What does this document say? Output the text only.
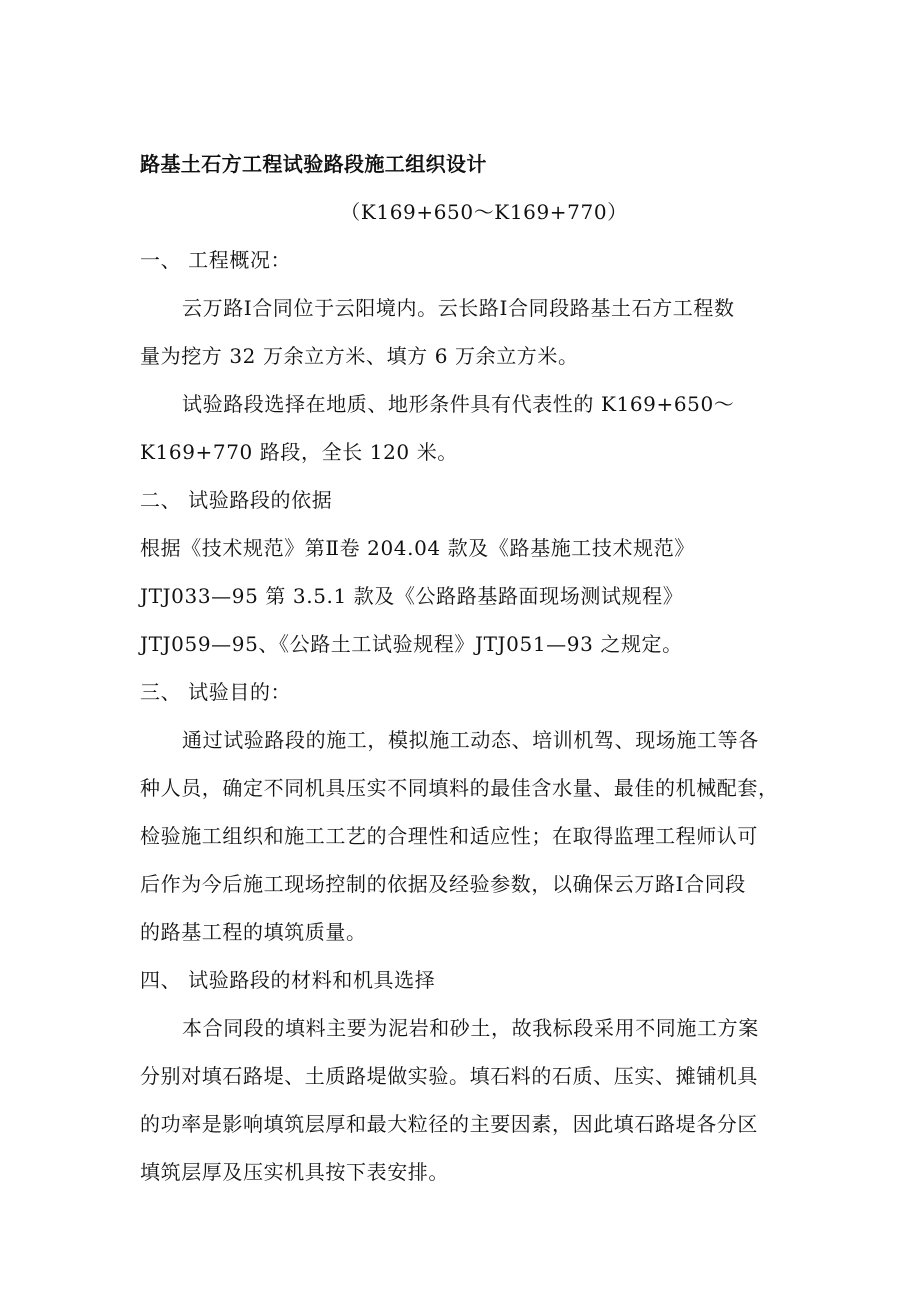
路基土石方工程试验路段施工组织设计
（K169+650～K169+770）
一、 工程概况：
云万路Ⅰ合同位于云阳境内。云长路Ⅰ合同段路基土石方工程数
量为挖方 32 万余立方米、填方 6 万余立方米。
试验路段选择在地质、地形条件具有代表性的 K169+650～
K169+770 路段，全长 120 米。
二、 试验路段的依据
根据《技术规范》第Ⅱ卷 204.04 款及《路基施工技术规范》
JTJ033—95 第 3.5.1 款及《公路路基路面现场测试规程》
JTJ059—95、《公路土工试验规程》JTJ051—93 之规定。
三、 试验目的：
通过试验路段的施工，模拟施工动态、培训机驾、现场施工等各
种人员，确定不同机具压实不同填料的最佳含水量、最佳的机械配套，
检验施工组织和施工工艺的合理性和适应性；在取得监理工程师认可
后作为今后施工现场控制的依据及经验参数，以确保云万路Ⅰ合同段
的路基工程的填筑质量。
四、 试验路段的材料和机具选择
本合同段的填料主要为泥岩和砂土，故我标段采用不同施工方案
分别对填石路堤、土质路堤做实验。填石料的石质、压实、摊铺机具
的功率是影响填筑层厚和最大粒径的主要因素，因此填石路堤各分区
填筑层厚及压实机具按下表安排。
